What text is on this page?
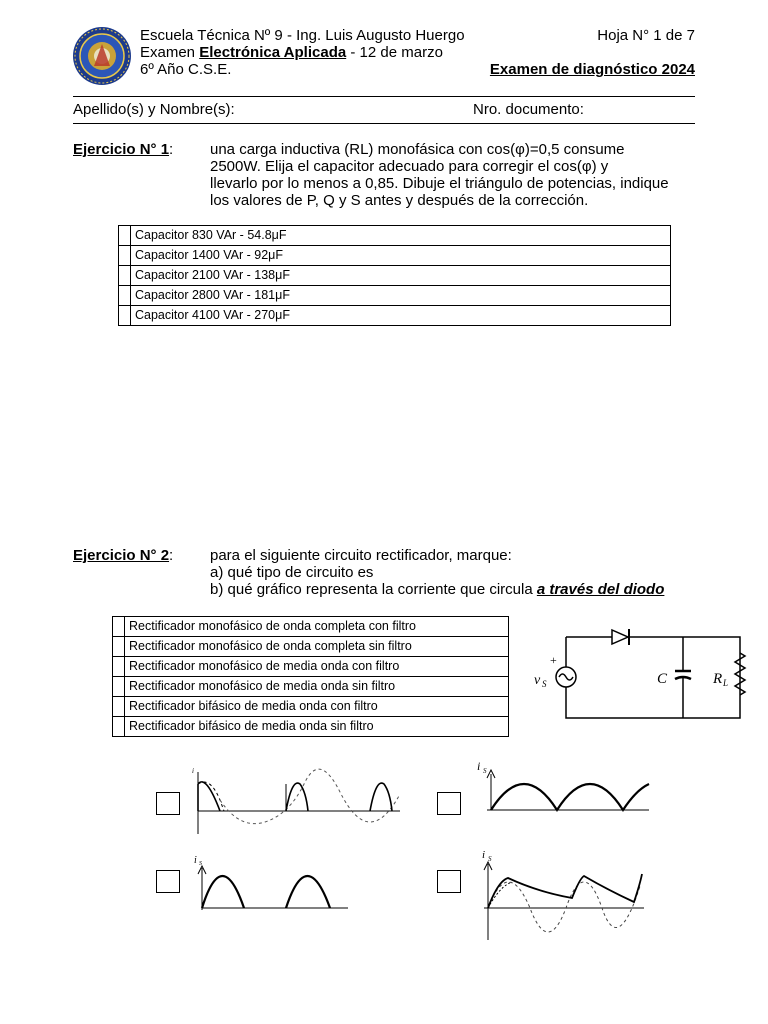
Escuela Técnica Nº 9 - Ing. Luis Augusto Huergo	Hoja N° 1 de 7
Examen Electrónica Aplicada - 12 de marzo
6º Año C.S.E.	Examen de diagnóstico 2024
Apellido(s) y Nombre(s):	Nro. documento:
Ejercicio N° 1: una carga inductiva (RL) monofásica con cos(φ)=0,5 consume
2500W. Elija el capacitor adecuado para corregir el cos(φ) y
llevarlo por lo menos a 0,85. Dibuje el triángulo de potencias, indique
los valores de P, Q y S antes y después de la corrección.
	Capacitor 830 VAr - 54.8μF
	Capacitor 1400 VAr - 92μF
	Capacitor 2100 VAr - 138μF
	Capacitor 2800 VAr - 181μF
	Capacitor 4100 VAr - 270μF
Ejercicio N° 2: para el siguiente circuito rectificador, marque:
a) qué tipo de circuito es
b) qué gráfico representa la corriente que circula a través del diodo
	Rectificador monofásico de onda completa con filtro
	Rectificador monofásico de onda completa sin filtro
	Rectificador monofásico de media onda con filtro
	Rectificador monofásico de media onda sin filtro
	Rectificador bifásico de media onda con filtro
	Rectificador bifásico de media onda sin filtro
+
v S	C	R L
i	i S
i S
i S
